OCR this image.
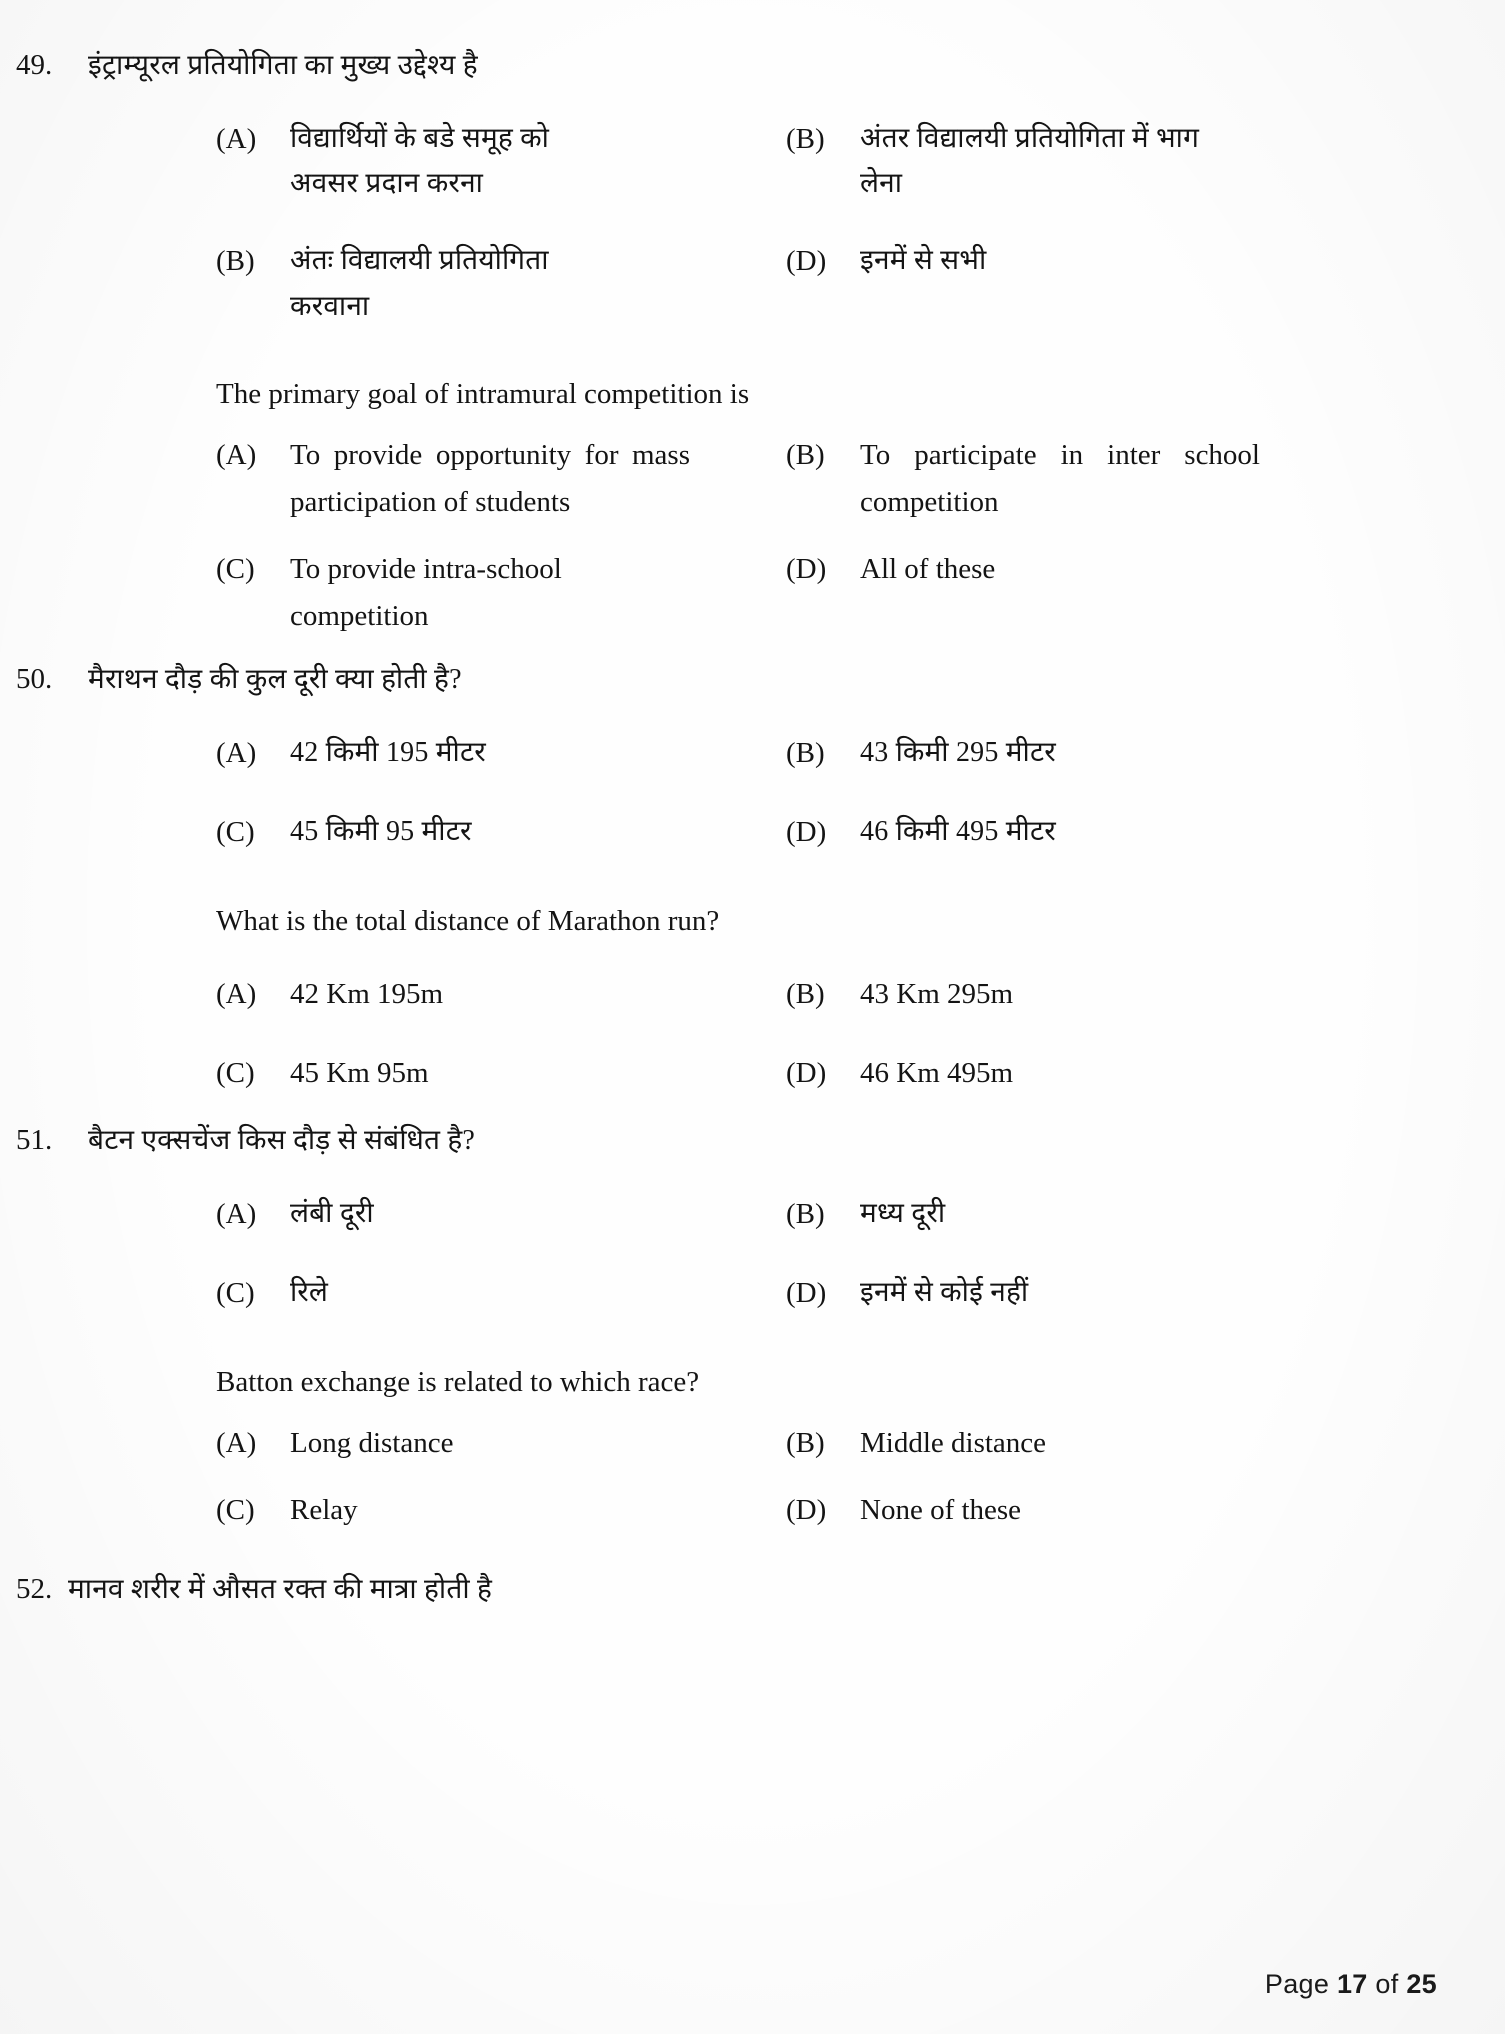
49.	इंट्राम्यूरल प्रतियोगिता का मुख्य उद्देश्य है
(A)	विद्यार्थियों के बडे समूह को अवसर प्रदान करना
(B)	अंतर विद्यालयी प्रतियोगिता में भाग लेना
(B)	अंतः विद्यालयी प्रतियोगिता करवाना
(D)	इनमें से सभी
The primary goal of intramural competition is
(A)	To provide opportunity for mass participation of students
(B)	To participate in inter school competition
(C)	To provide intra-school competition
(D)	All of these
50.	मैराथन दौड़ की कुल दूरी क्या होती है?
(A)	42 किमी 195 मीटर	(B)	43 किमी 295 मीटर
(C)	45 किमी 95 मीटर	(D)	46 किमी 495 मीटर
What is the total distance of Marathon run?
(A)	42 Km 195m	(B)	43 Km 295m
(C)	45 Km 95m	(D)	46 Km 495m
51.	बैटन एक्सचेंज किस दौड़ से संबंधित है?
(A)	लंबी दूरी	(B)	मध्य दूरी
(C)	रिले	(D)	इनमें से कोई नहीं
Batton exchange is related to which race?
(A)	Long distance	(B)	Middle distance
(C)	Relay	(D)	None of these
52. मानव शरीर में औसत रक्त की मात्रा होती है
Page 17 of 25
